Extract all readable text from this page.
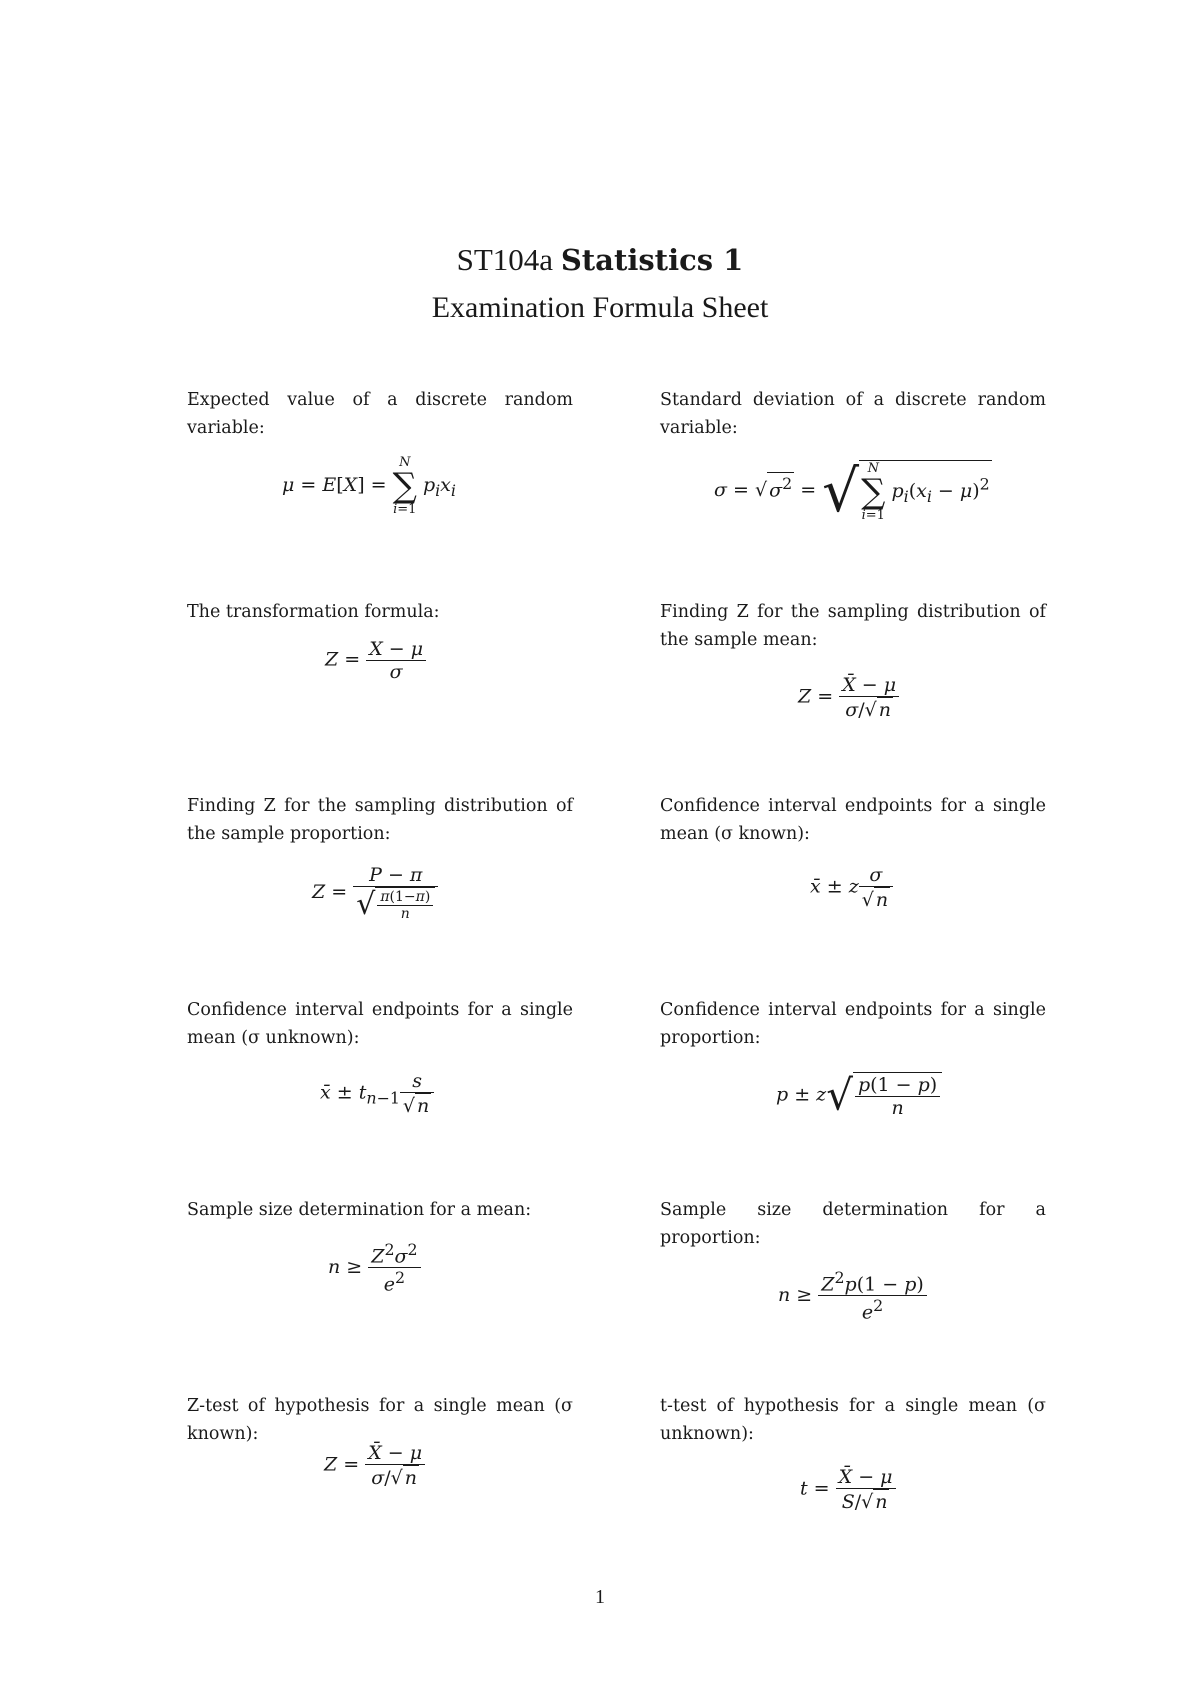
ST104a Statistics 1
Examination Formula Sheet
Expected value of a discrete random variable:
μ = E[X] =
N
∑
i=1
$p_ix_i$
Standard deviation of a discrete random variable:
σ = √ $\sigma^2$ = √ N
∑
i=1
$p_i(x_i - \mu)^2$
The transformation formula:
$Z = \frac{X - \mu}{\sigma}$
Finding Z for the sampling distribution of the sample mean:
$Z = \frac{X̄ - \mu}{\sigma/√ n}$
Finding Z for the sampling distribution of the sample proportion:
$Z = \frac{P - \pi}{√ \frac{\pi(1-\pi)}{n}}$
Confidence interval endpoints for a single mean (σ known):
x̄ ± z $\frac{\sigma}{√ n}$
Confidence interval endpoints for a single mean (σ unknown):
x̄ ± $t_{n-1} \frac{s}{√ n}$
Confidence interval endpoints for a single proportion:
$p \pm z√ \frac{p(1 - p)}{n}$
Sample size determination for a mean:
$n \ge \frac{Z^2\sigma^2}{e^2}$
Sample size determination for a proportion:
$n \ge \frac{Z^2p(1 - p)}{e^2}$
Z-test of hypothesis for a single mean (σ known):
$Z = \frac{X̄ - \mu}{\sigma/√ n}$
t-test of hypothesis for a single mean (σ unknown):
$t = \frac{X̄ - \mu}{S/√ n}$
1
